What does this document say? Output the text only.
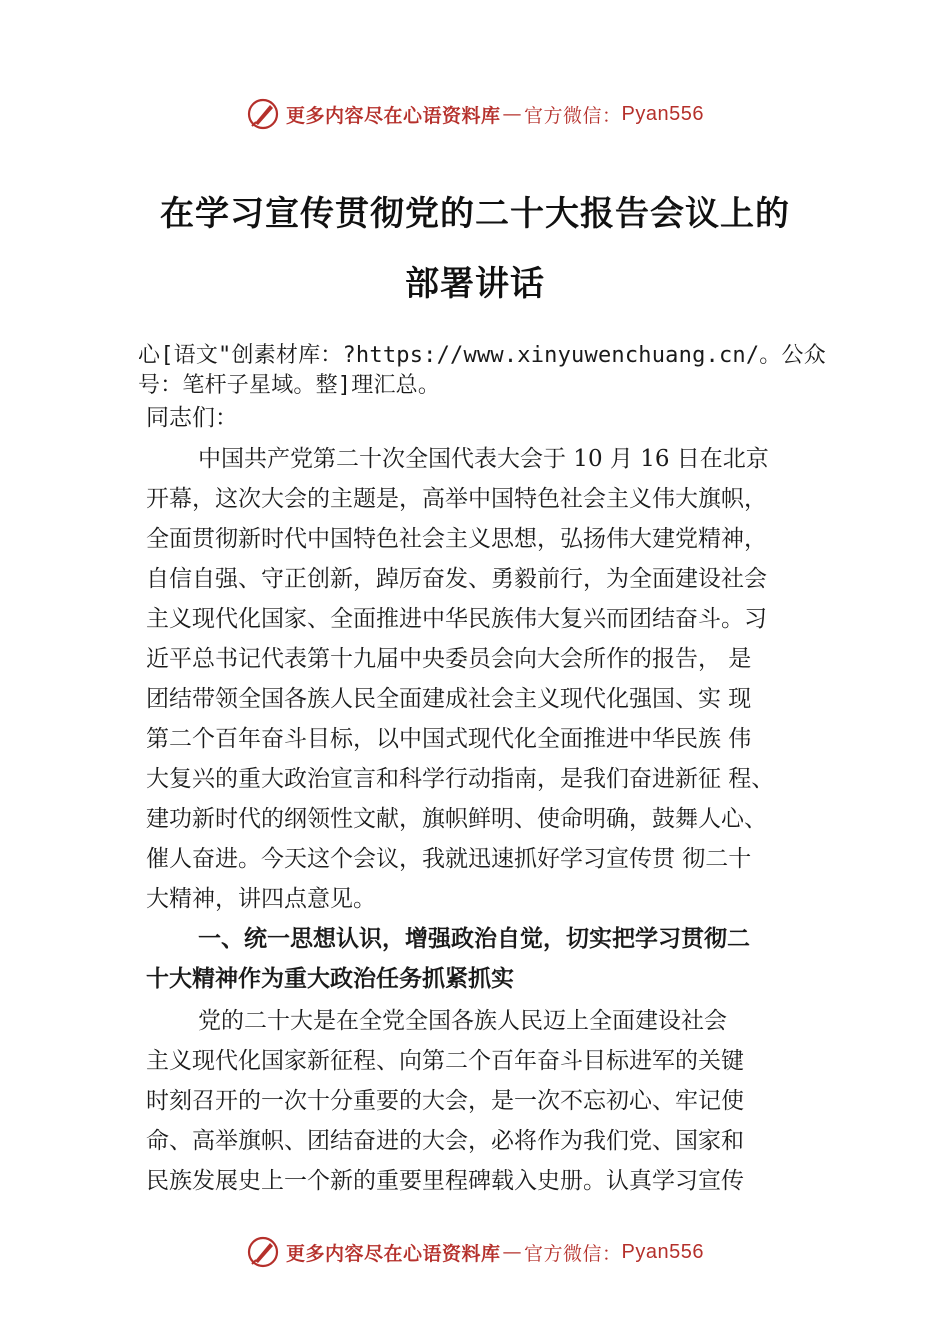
更多内容尽在心语资料库 — 官方微信： Pyan556
在学习宣传贯彻党的二十大报告会议上的
部署讲话
心[语文"创素材库：?https://www.xinyuwenchuang.cn/。公众
号：笔杆子星域。整]理汇总。
同志们：
中国共产党第二十次全国代表大会于 10 月 16 日在北京
开幕，这次大会的主题是，高举中国特色社会主义伟大旗帜，
全面贯彻新时代中国特色社会主义思想，弘扬伟大建党精神，
自信自强、守正创新，踔厉奋发、勇毅前行，为全面建设社会
主义现代化国家、全面推进中华民族伟大复兴而团结奋斗。习
近平总书记代表第十九届中央委员会向大会所作的报告， 是
团结带领全国各族人民全面建成社会主义现代化强国、实 现
第二个百年奋斗目标，以中国式现代化全面推进中华民族 伟
大复兴的重大政治宣言和科学行动指南，是我们奋进新征 程、
建功新时代的纲领性文献，旗帜鲜明、使命明确，鼓舞人心、
催人奋进。今天这个会议，我就迅速抓好学习宣传贯 彻二十
大精神，讲四点意见。
一、统一思想认识，增强政治自觉，切实把学习贯彻二
十大精神作为重大政治任务抓紧抓实
党的二十大是在全党全国各族人民迈上全面建设社会
主义现代化国家新征程、向第二个百年奋斗目标进军的关键
时刻召开的一次十分重要的大会，是一次不忘初心、牢记使
命、高举旗帜、团结奋进的大会，必将作为我们党、国家和
民族发展史上一个新的重要里程碑载入史册。认真学习宣传
更多内容尽在心语资料库 — 官方微信： Pyan556
